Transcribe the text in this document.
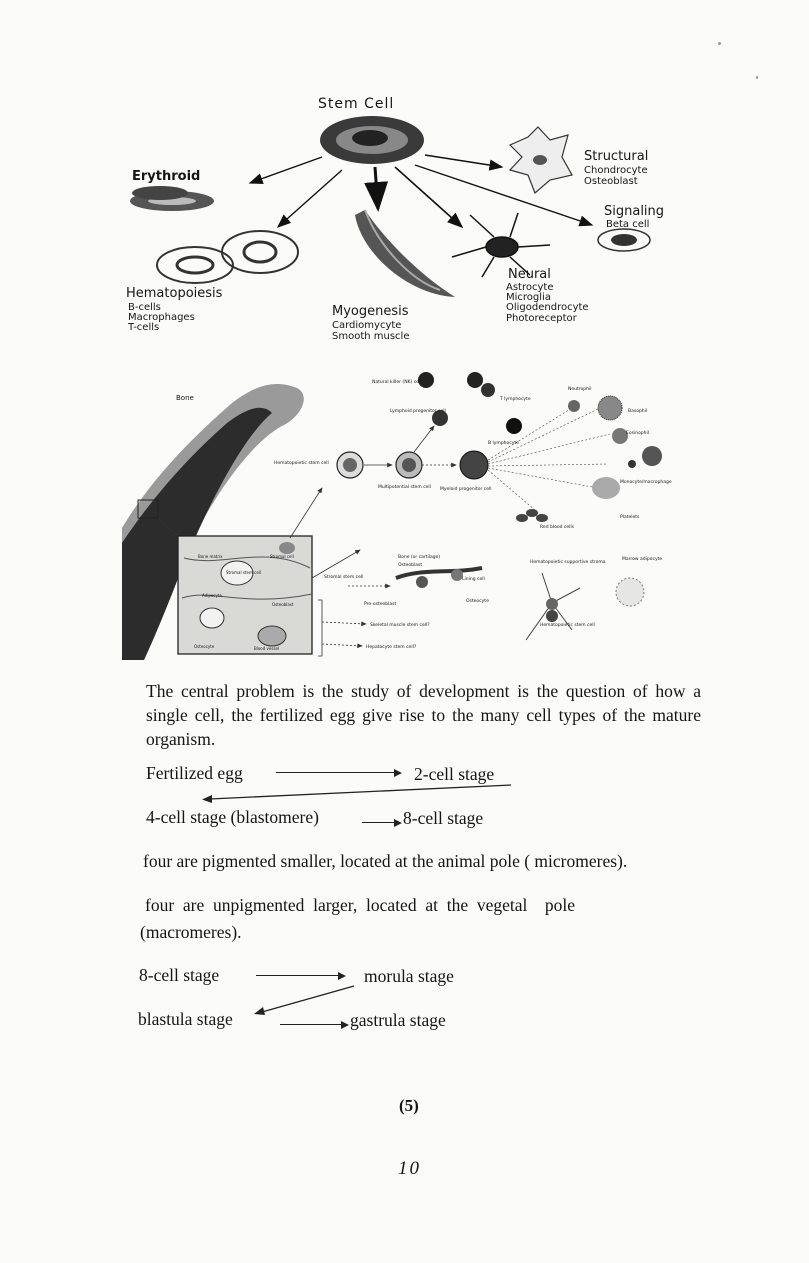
Stem Cell
Erythroid
Hematopoiesis
B-cells
Macrophages
T-cells
Myogenesis
Cardiomycyte
Smooth muscle
Neural
Astrocyte
Microglia
Oligodendrocyte
Photoreceptor
Structural
Chondrocyte
Osteoblast
Signaling
Beta cell
Bone
Bone matrix	Stromal cell
Stromal stem cell
Adipocyte
Blood vessel
Osteoblast
Osteocyte
Hematopoietic stem cell
Multipotential stem cell Myeloid progenitor cell
Lymphoid progenitor cell
Natural killer (NK) cell
T lymphocyte
B lymphocyte
Neutrophil
Basophil
Eosinophil
Monocyte/macrophage
Platelets
Red blood cells
Bone (or cartilage)
Osteoblast
Lining cell
Osteocyte
Pre-osteoblast
Stromal stem cell
Skeletal muscle stem cell?
Hepatocyte stem cell?
Hematopoietic supportive stroma
Hematopoietic stem cell
Marrow adipocyte
The central problem is the study of development is the question of how a single cell, the fertilized egg give rise to the many cell types of the mature organism.
Fertilized egg	2-cell stage
4-cell stage (blastomere)	8-cell stage
four are pigmented smaller, located at the animal pole ( micromeres).
four  are  unpigmented  larger,  located  at  the  vegetal    pole
(macromeres).
8-cell stage	morula stage
blastula stage	gastrula stage
(5)
10
